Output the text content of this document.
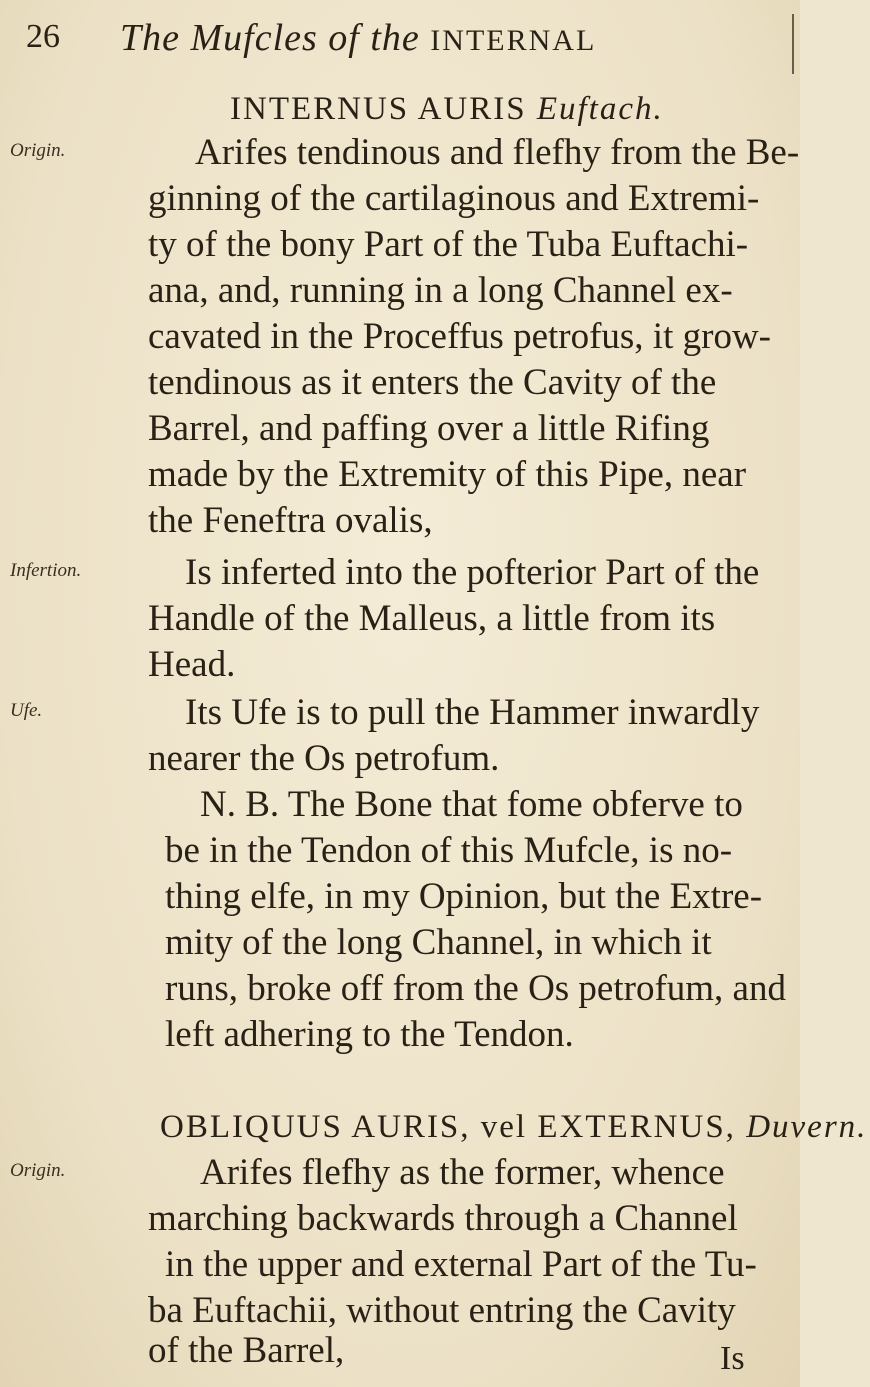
26 The Mufcles of the INTERNAL
INTERNUS AURIS Euftach.
Origin.
Infertion.
Ufe.
Arifes tendinous and flefhy from the Be-
ginning of the cartilaginous and Extremi-
ty of the bony Part of the Tuba Euftachi-
ana, and, running in a long Channel ex-
cavated in the Proceffus petrofus, it grow-
tendinous as it enters the Cavity of the
Barrel, and paffing over a little Rifing
made by the Extremity of this Pipe, near
the Feneftra ovalis,
Is inferted into the pofterior Part of the
Handle of the Malleus, a little from its
Head.
Its Ufe is to pull the Hammer inwardly
nearer the Os petrofum.
N. B. The Bone that fome obferve to
be in the Tendon of this Mufcle, is no-
thing elfe, in my Opinion, but the Extre-
mity of the long Channel, in which it
runs, broke off from the Os petrofum, and
left adhering to the Tendon.
OBLIQUUS AURIS, vel EXTERNUS, Duvern.
Origin.	Arifes flefhy as the former, whence
marching backwards through a Channel
in the upper and external Part of the Tu-
ba Euftachii, without entring the Cavity
of the Barrel,	Is
